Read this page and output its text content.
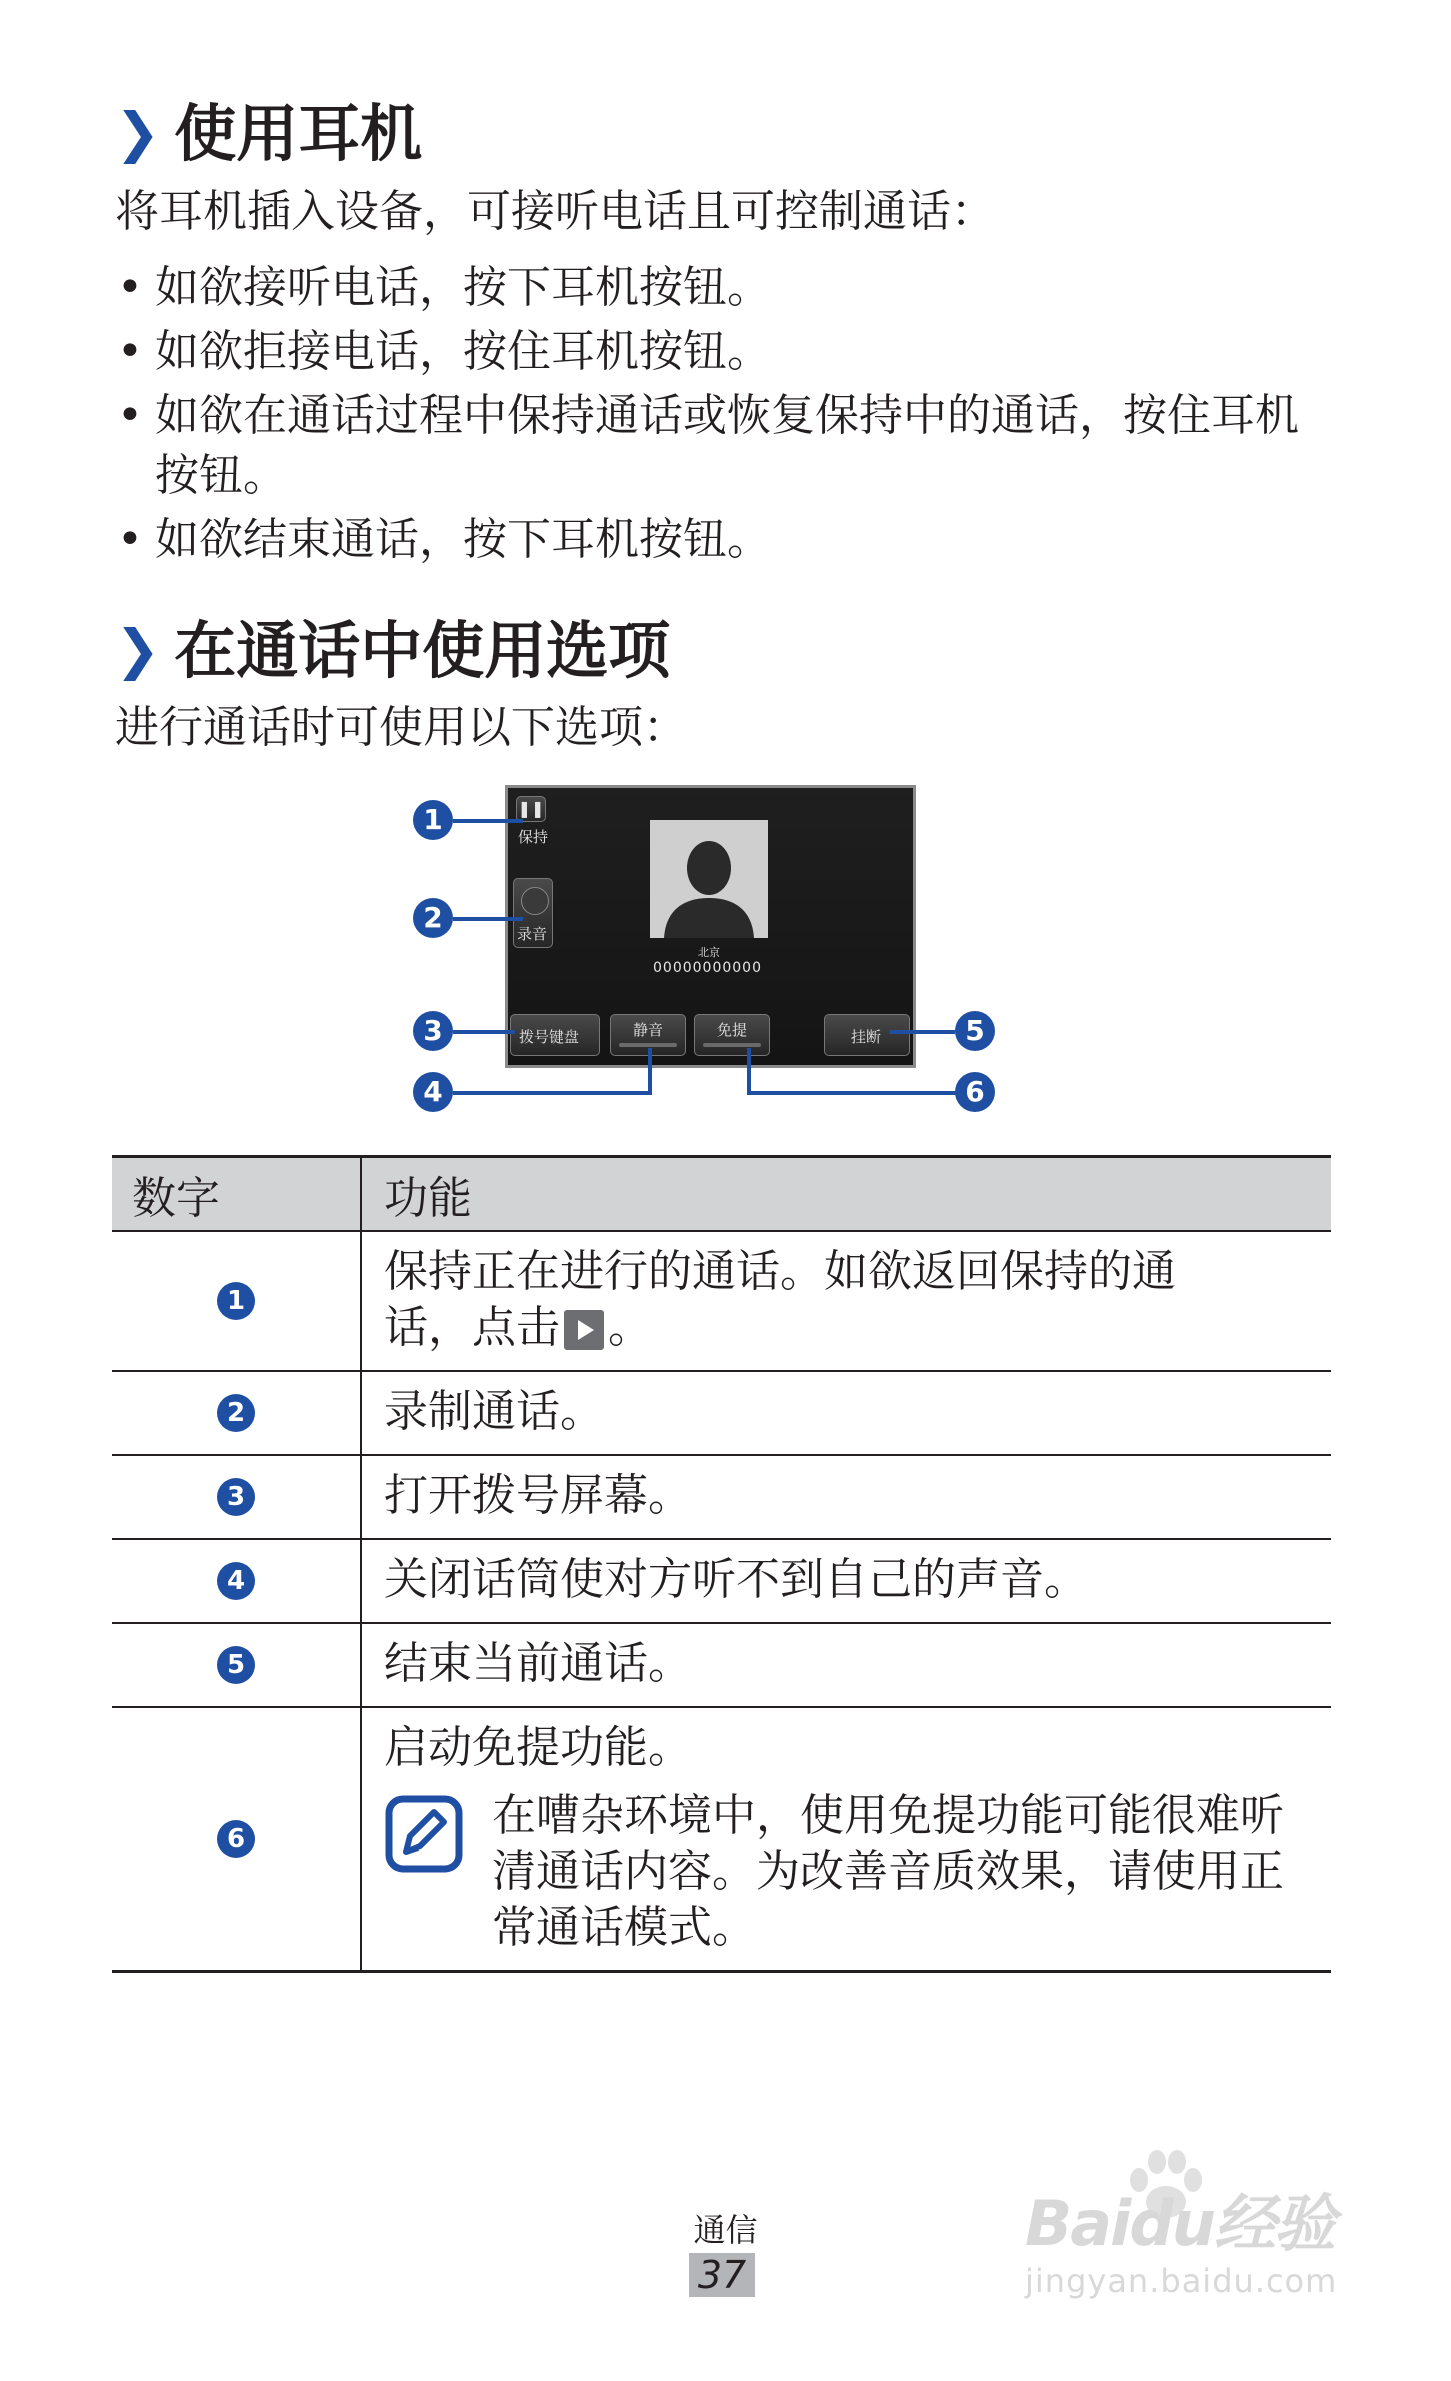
❯ 使用耳机

将耳机插入设备，可接听电话且可控制通话：

• 如欲接听电话，按下耳机按钮。
• 如欲拒接电话，按住耳机按钮。
• 如欲在通话过程中保持通话或恢复保持中的通话，按住耳机按钮。
• 如欲结束通话，按下耳机按钮。
❯ 在通话中使用选项

进行通话时可使用以下选项：

❚❚
保持
录音
北京
00000000000
拨号键盘	静音	免提	挂断
1
2
3	5
4	6
数字	功能
1	保持正在进行的通话。如欲返回保持的通话，点击 。
2	录制通话。
3	打开拨号屏幕。
4	关闭话筒使对方听不到自己的声音。
5	结束当前通话。
6	启动免提功能。
在嘈杂环境中，使用免提功能可能很难听清通话内容。为改善音质效果，请使用正常通话模式。
通信
37
Baidu经验
jingyan.baidu.com
